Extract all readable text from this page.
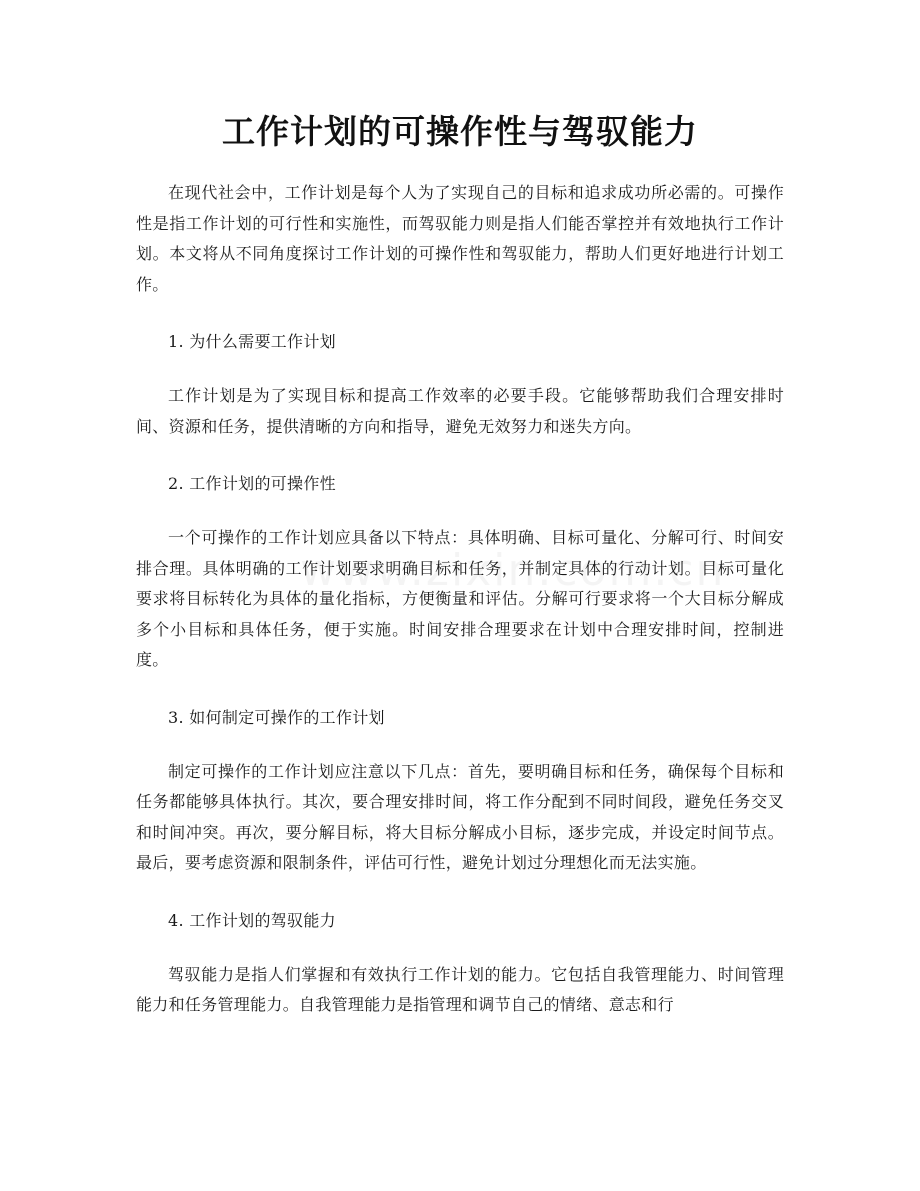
工作计划的可操作性与驾驭能力

在现代社会中，工作计划是每个人为了实现自己的目标和追求成功所必需的。可操作性是指工作计划的可行性和实施性，而驾驭能力则是指人们能否掌控并有效地执行工作计划。本文将从不同角度探讨工作计划的可操作性和驾驭能力，帮助人们更好地进行计划工作。

1. 为什么需要工作计划

工作计划是为了实现目标和提高工作效率的必要手段。它能够帮助我们合理安排时间、资源和任务，提供清晰的方向和指导，避免无效努力和迷失方向。

2. 工作计划的可操作性

一个可操作的工作计划应具备以下特点：具体明确、目标可量化、分解可行、时间安排合理。具体明确的工作计划要求明确目标和任务，并制定具体的行动计划。目标可量化要求将目标转化为具体的量化指标，方便衡量和评估。分解可行要求将一个大目标分解成多个小目标和具体任务，便于实施。时间安排合理要求在计划中合理安排时间，控制进度。

3. 如何制定可操作的工作计划

制定可操作的工作计划应注意以下几点：首先，要明确目标和任务，确保每个目标和任务都能够具体执行。其次，要合理安排时间，将工作分配到不同时间段，避免任务交叉和时间冲突。再次，要分解目标，将大目标分解成小目标，逐步完成，并设定时间节点。最后，要考虑资源和限制条件，评估可行性，避免计划过分理想化而无法实施。

4. 工作计划的驾驭能力

驾驭能力是指人们掌握和有效执行工作计划的能力。它包括自我管理能力、时间管理能力和任务管理能力。自我管理能力是指管理和调节自己的情绪、意志和行
